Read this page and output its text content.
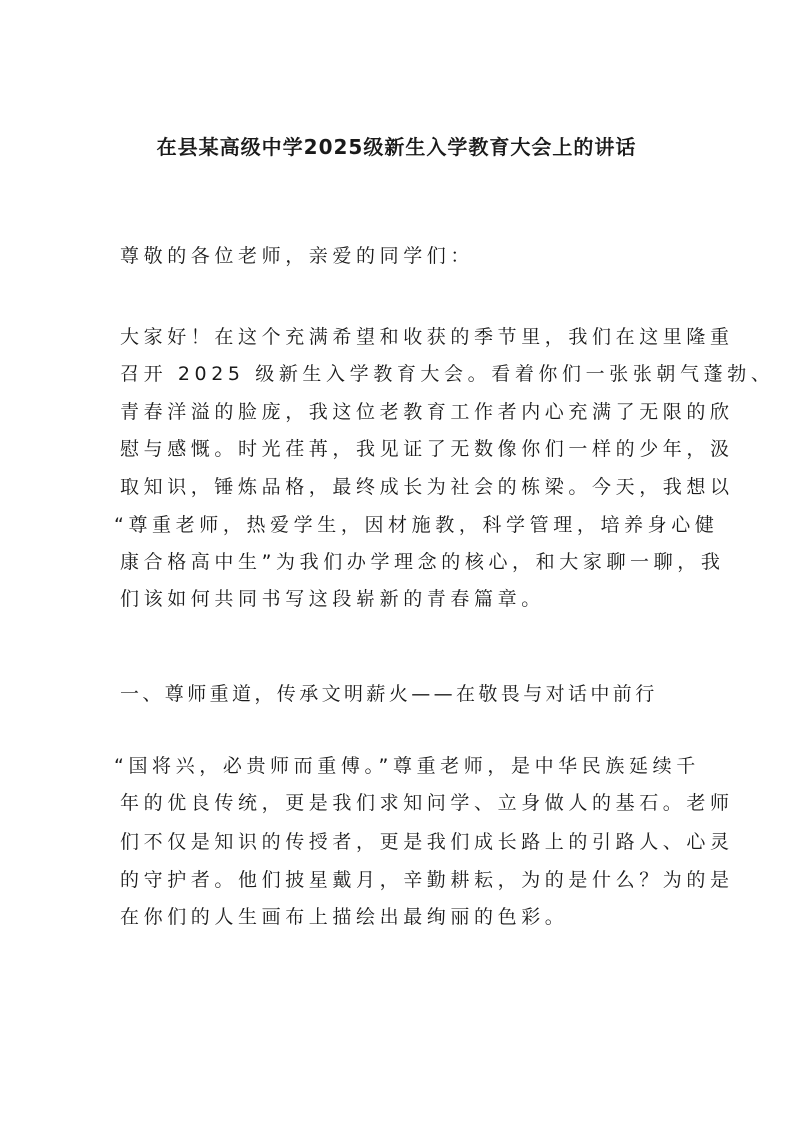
在县某高级中学2025级新生入学教育大会上的讲话
尊敬的各位老师，亲爱的同学们：
大家好！在这个充满希望和收获的季节里，我们在这里隆重
召开 2025 级新生入学教育大会。看着你们一张张朝气蓬勃、
青春洋溢的脸庞，我这位老教育工作者内心充满了无限的欣
慰与感慨。时光荏苒，我见证了无数像你们一样的少年，汲
取知识，锤炼品格，最终成长为社会的栋梁。今天，我想以
“尊重老师，热爱学生，因材施教，科学管理，培养身心健
康合格高中生”为我们办学理念的核心，和大家聊一聊，我
们该如何共同书写这段崭新的青春篇章。
一、尊师重道，传承文明薪火——在敬畏与对话中前行
“国将兴，必贵师而重傅。”尊重老师，是中华民族延续千
年的优良传统，更是我们求知问学、立身做人的基石。老师
们不仅是知识的传授者，更是我们成长路上的引路人、心灵
的守护者。他们披星戴月，辛勤耕耘，为的是什么？为的是
在你们的人生画布上描绘出最绚丽的色彩。
